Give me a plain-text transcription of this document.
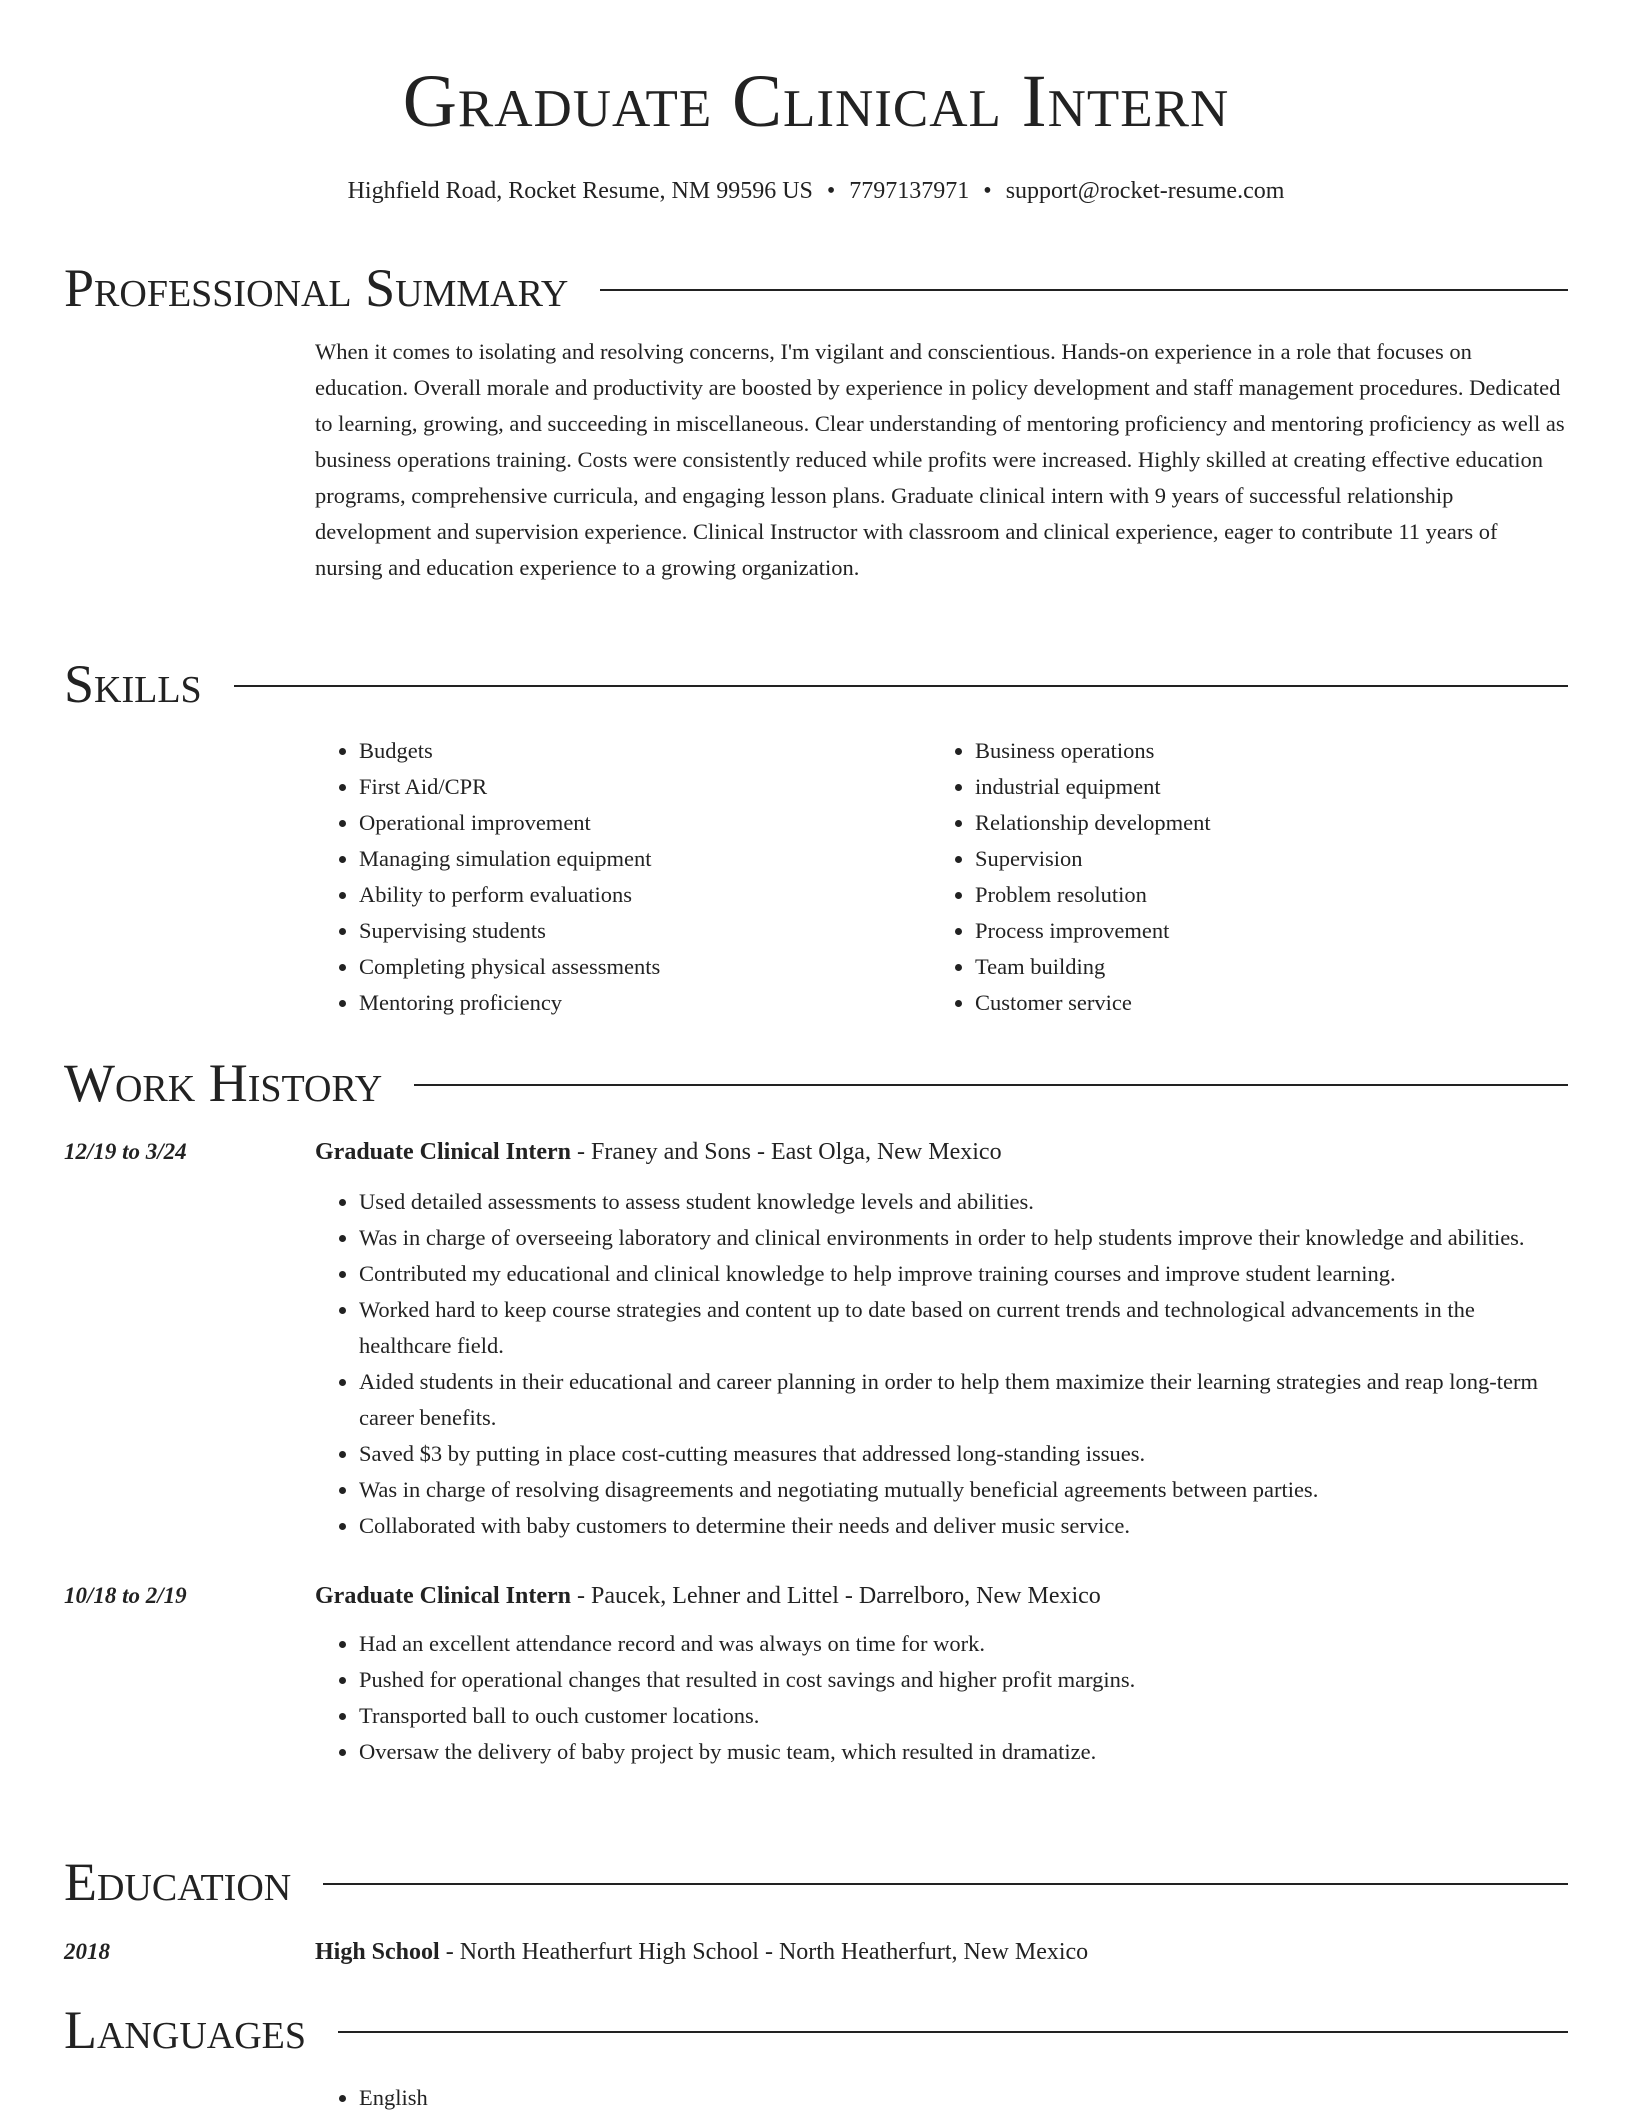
Graduate Clinical Intern
Highfield Road, Rocket Resume, NM 99596 US • 7797137971 • support@rocket-resume.com
Professional Summary

When it comes to isolating and resolving concerns, I'm vigilant and conscientious. Hands-on experience in a role that focuses on education. Overall morale and productivity are boosted by experience in policy development and staff management procedures. Dedicated to learning, growing, and succeeding in miscellaneous. Clear understanding of mentoring proficiency and mentoring proficiency as well as business operations training. Costs were consistently reduced while profits were increased. Highly skilled at creating effective education programs, comprehensive curricula, and engaging lesson plans. Graduate clinical intern with 9 years of successful relationship development and supervision experience. Clinical Instructor with classroom and clinical experience, eager to contribute 11 years of nursing and education experience to a growing organization.

Skills
• Budgets
• First Aid/CPR
• Operational improvement
• Managing simulation equipment
• Ability to perform evaluations
• Supervising students
• Completing physical assessments
• Mentoring proficiency
• Business operations
• industrial equipment
• Relationship development
• Supervision
• Problem resolution
• Process improvement
• Team building
• Customer service
Work History
12/19 to 3/24	Graduate Clinical Intern - Franey and Sons - East Olga, New Mexico
• Used detailed assessments to assess student knowledge levels and abilities.
• Was in charge of overseeing laboratory and clinical environments in order to help students improve their knowledge and abilities.
• Contributed my educational and clinical knowledge to help improve training courses and improve student learning.
• Worked hard to keep course strategies and content up to date based on current trends and technological advancements in the healthcare field.
• Aided students in their educational and career planning in order to help them maximize their learning strategies and reap long-term career benefits.
• Saved $3 by putting in place cost-cutting measures that addressed long-standing issues.
• Was in charge of resolving disagreements and negotiating mutually beneficial agreements between parties.
• Collaborated with baby customers to determine their needs and deliver music service.
10/18 to 2/19	Graduate Clinical Intern - Paucek, Lehner and Littel - Darrelboro, New Mexico
• Had an excellent attendance record and was always on time for work.
• Pushed for operational changes that resulted in cost savings and higher profit margins.
• Transported ball to ouch customer locations.
• Oversaw the delivery of baby project by music team, which resulted in dramatize.
Education
2018	High School - North Heatherfurt High School - North Heatherfurt, New Mexico
Languages
• English
